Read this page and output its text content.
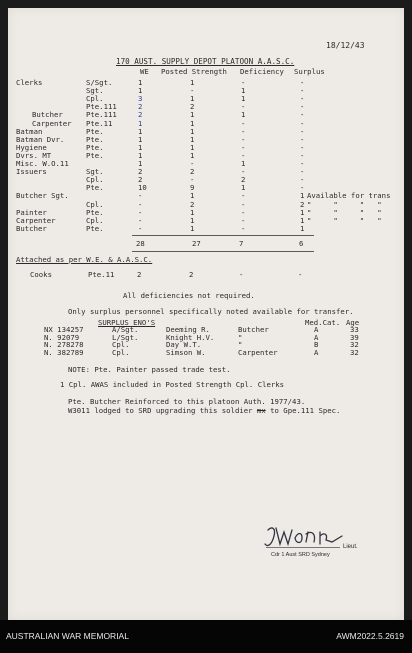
18/12/43
170 AUST. SUPPLY DEPOT PLATOON A.A.S.C.
WE Posted Strength Deficiency Surplus
Clerks	S/Sgt.	1	1	-	-
Sgt.	1	-	1	-
Cpl.	3	1	1	-
Pte.111	2	2	-	-
Butcher	Pte.111	2	1	1	-
Carpenter Pte.11	1	1	-	-
Batman	Pte.	1	1	-	-
Batman Dvr.	Pte.	1	1	-	-
Hygiene	Pte.	1	1	-	-
Dvrs. MT	Pte.	1	1	-	-
Misc. W.O.11	1	-	1	-
Issuers	Sgt.	2	2	-	-
Cpl.	2	-	2	-
Pte.	10	9	1	-
Butcher Sgt.	-	1	-	1 Available for trans
Cpl.	-	2	-	2 "     "     "   "
Painter	Pte.	-	1	-	1 "     "     "   "
Carpenter	Cpl.	-	1	-	1 "     "     "   "
Butcher	Pte.	-	1	-	1
28	27	7	6
Attached as per W.E. & A.A.S.C.
Cooks	Pte.11	2	2	-	-
All deficiencies not required.
Only surplus personnel specifically noted available for transfer.
SURPLUS ENO'S	Med.Cat. Age
NX 134257	A/Sgt.	Deeming R.	Butcher	A	33
N. 92079	L/Sgt.	Knight H.V.	"	A	39
N. 278278	Cpl.	Day W.T.	"	B	32
N. 382789	Cpl.	Simson W.	Carpenter	A	32
NOTE: Pte. Painter passed trade test.
1 Cpl. AWAS included in Posted Strength Cpl. Clerks
Pte. Butcher Reinforced to this platoon Auth. 1977/43.
W3011 lodged to SRD upgrading this soldier mx to Gpe.111 Spec.
JWDnelm	Lieut.
Cdr 1 Aust SRD Sydney
AUSTRALIAN WAR MEMORIAL	AWM2022.5.2619
